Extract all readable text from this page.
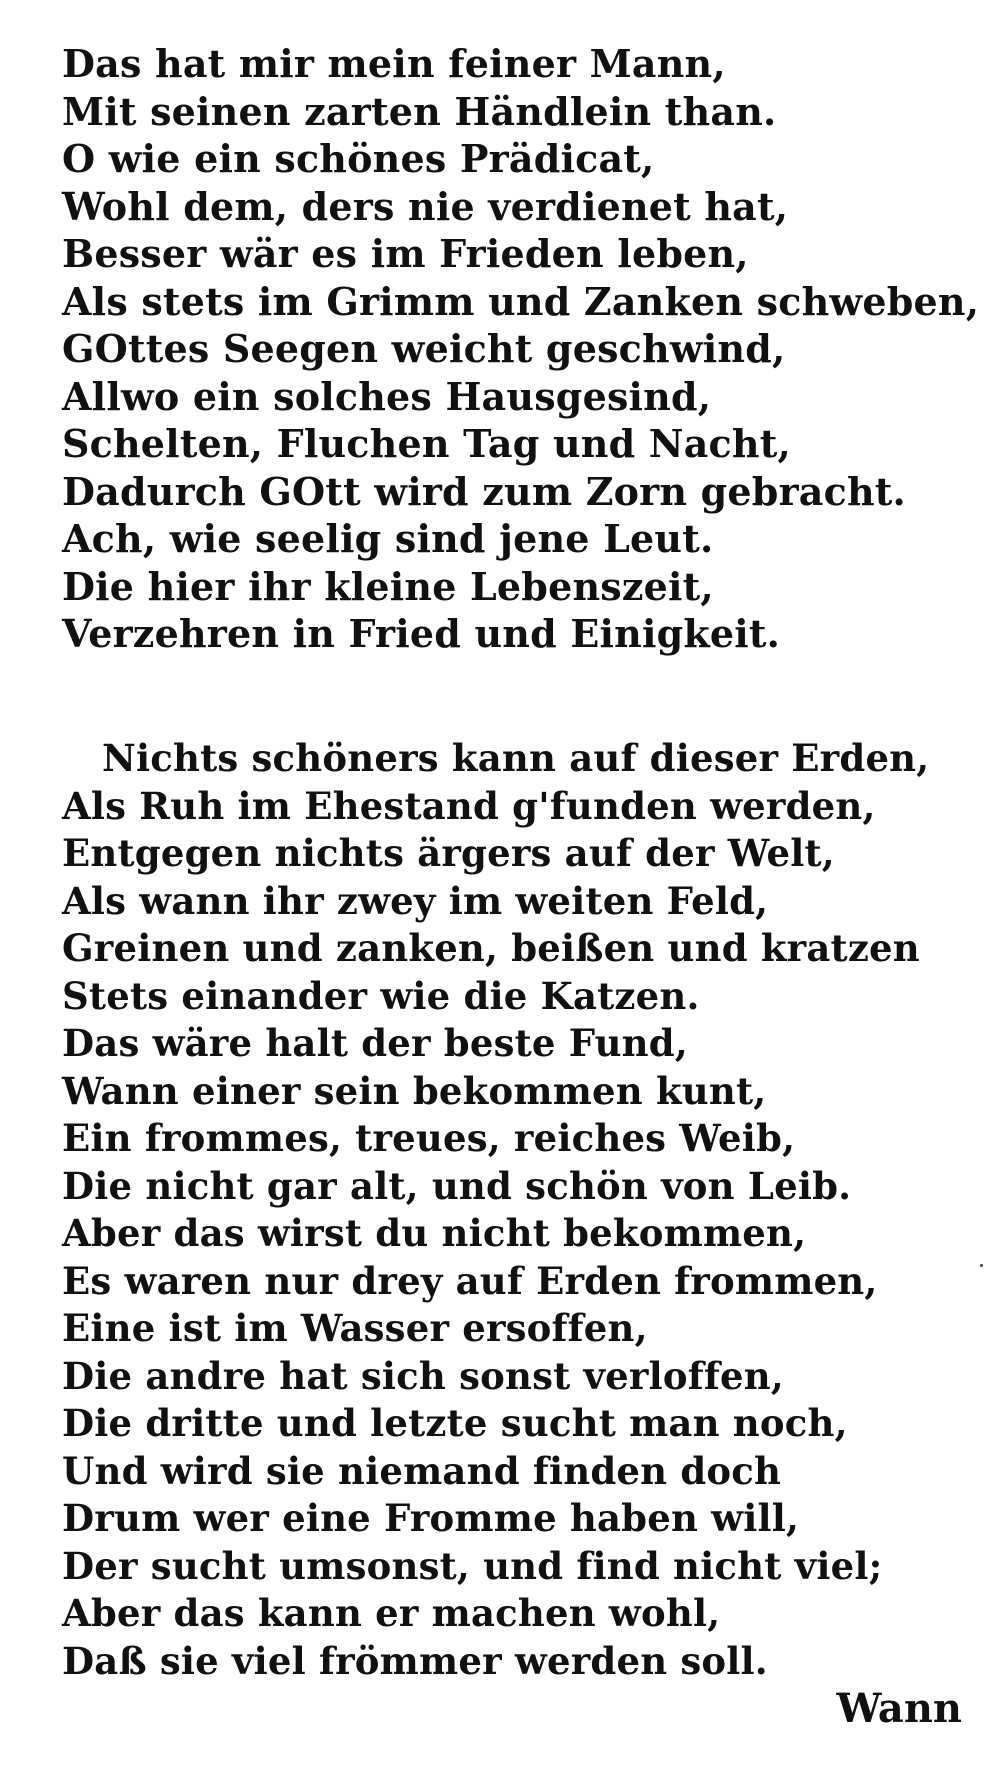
Das hat mir mein feiner Mann,
Mit seinen zarten Händlein than.
O wie ein schönes Prädicat,
Wohl dem, ders nie verdienet hat,
Besser wär es im Frieden leben,
Als stets im Grimm und Zanken schweben,
GOttes Seegen weicht geschwind,
Allwo ein solches Hausgesind,
Schelten, Fluchen Tag und Nacht,
Dadurch GOtt wird zum Zorn gebracht.
Ach, wie seelig sind jene Leut.
Die hier ihr kleine Lebenszeit,
Verzehren in Fried und Einigkeit.
Nichts schöners kann auf dieser Erden,
Als Ruh im Ehestand g'funden werden,
Entgegen nichts ärgers auf der Welt,
Als wann ihr zwey im weiten Feld,
Greinen und zanken, beißen und kratzen
Stets einander wie die Katzen.
Das wäre halt der beste Fund,
Wann einer sein bekommen kunt,
Ein frommes, treues, reiches Weib,
Die nicht gar alt, und schön von Leib.
Aber das wirst du nicht bekommen,
Es waren nur drey auf Erden frommen,
Eine ist im Wasser ersoffen,
Die andre hat sich sonst verloffen,
Die dritte und letzte sucht man noch,
Und wird sie niemand finden doch
Drum wer eine Fromme haben will,
Der sucht umsonst, und find nicht viel;
Aber das kann er machen wohl,
Daß sie viel frömmer werden soll.
Wann
